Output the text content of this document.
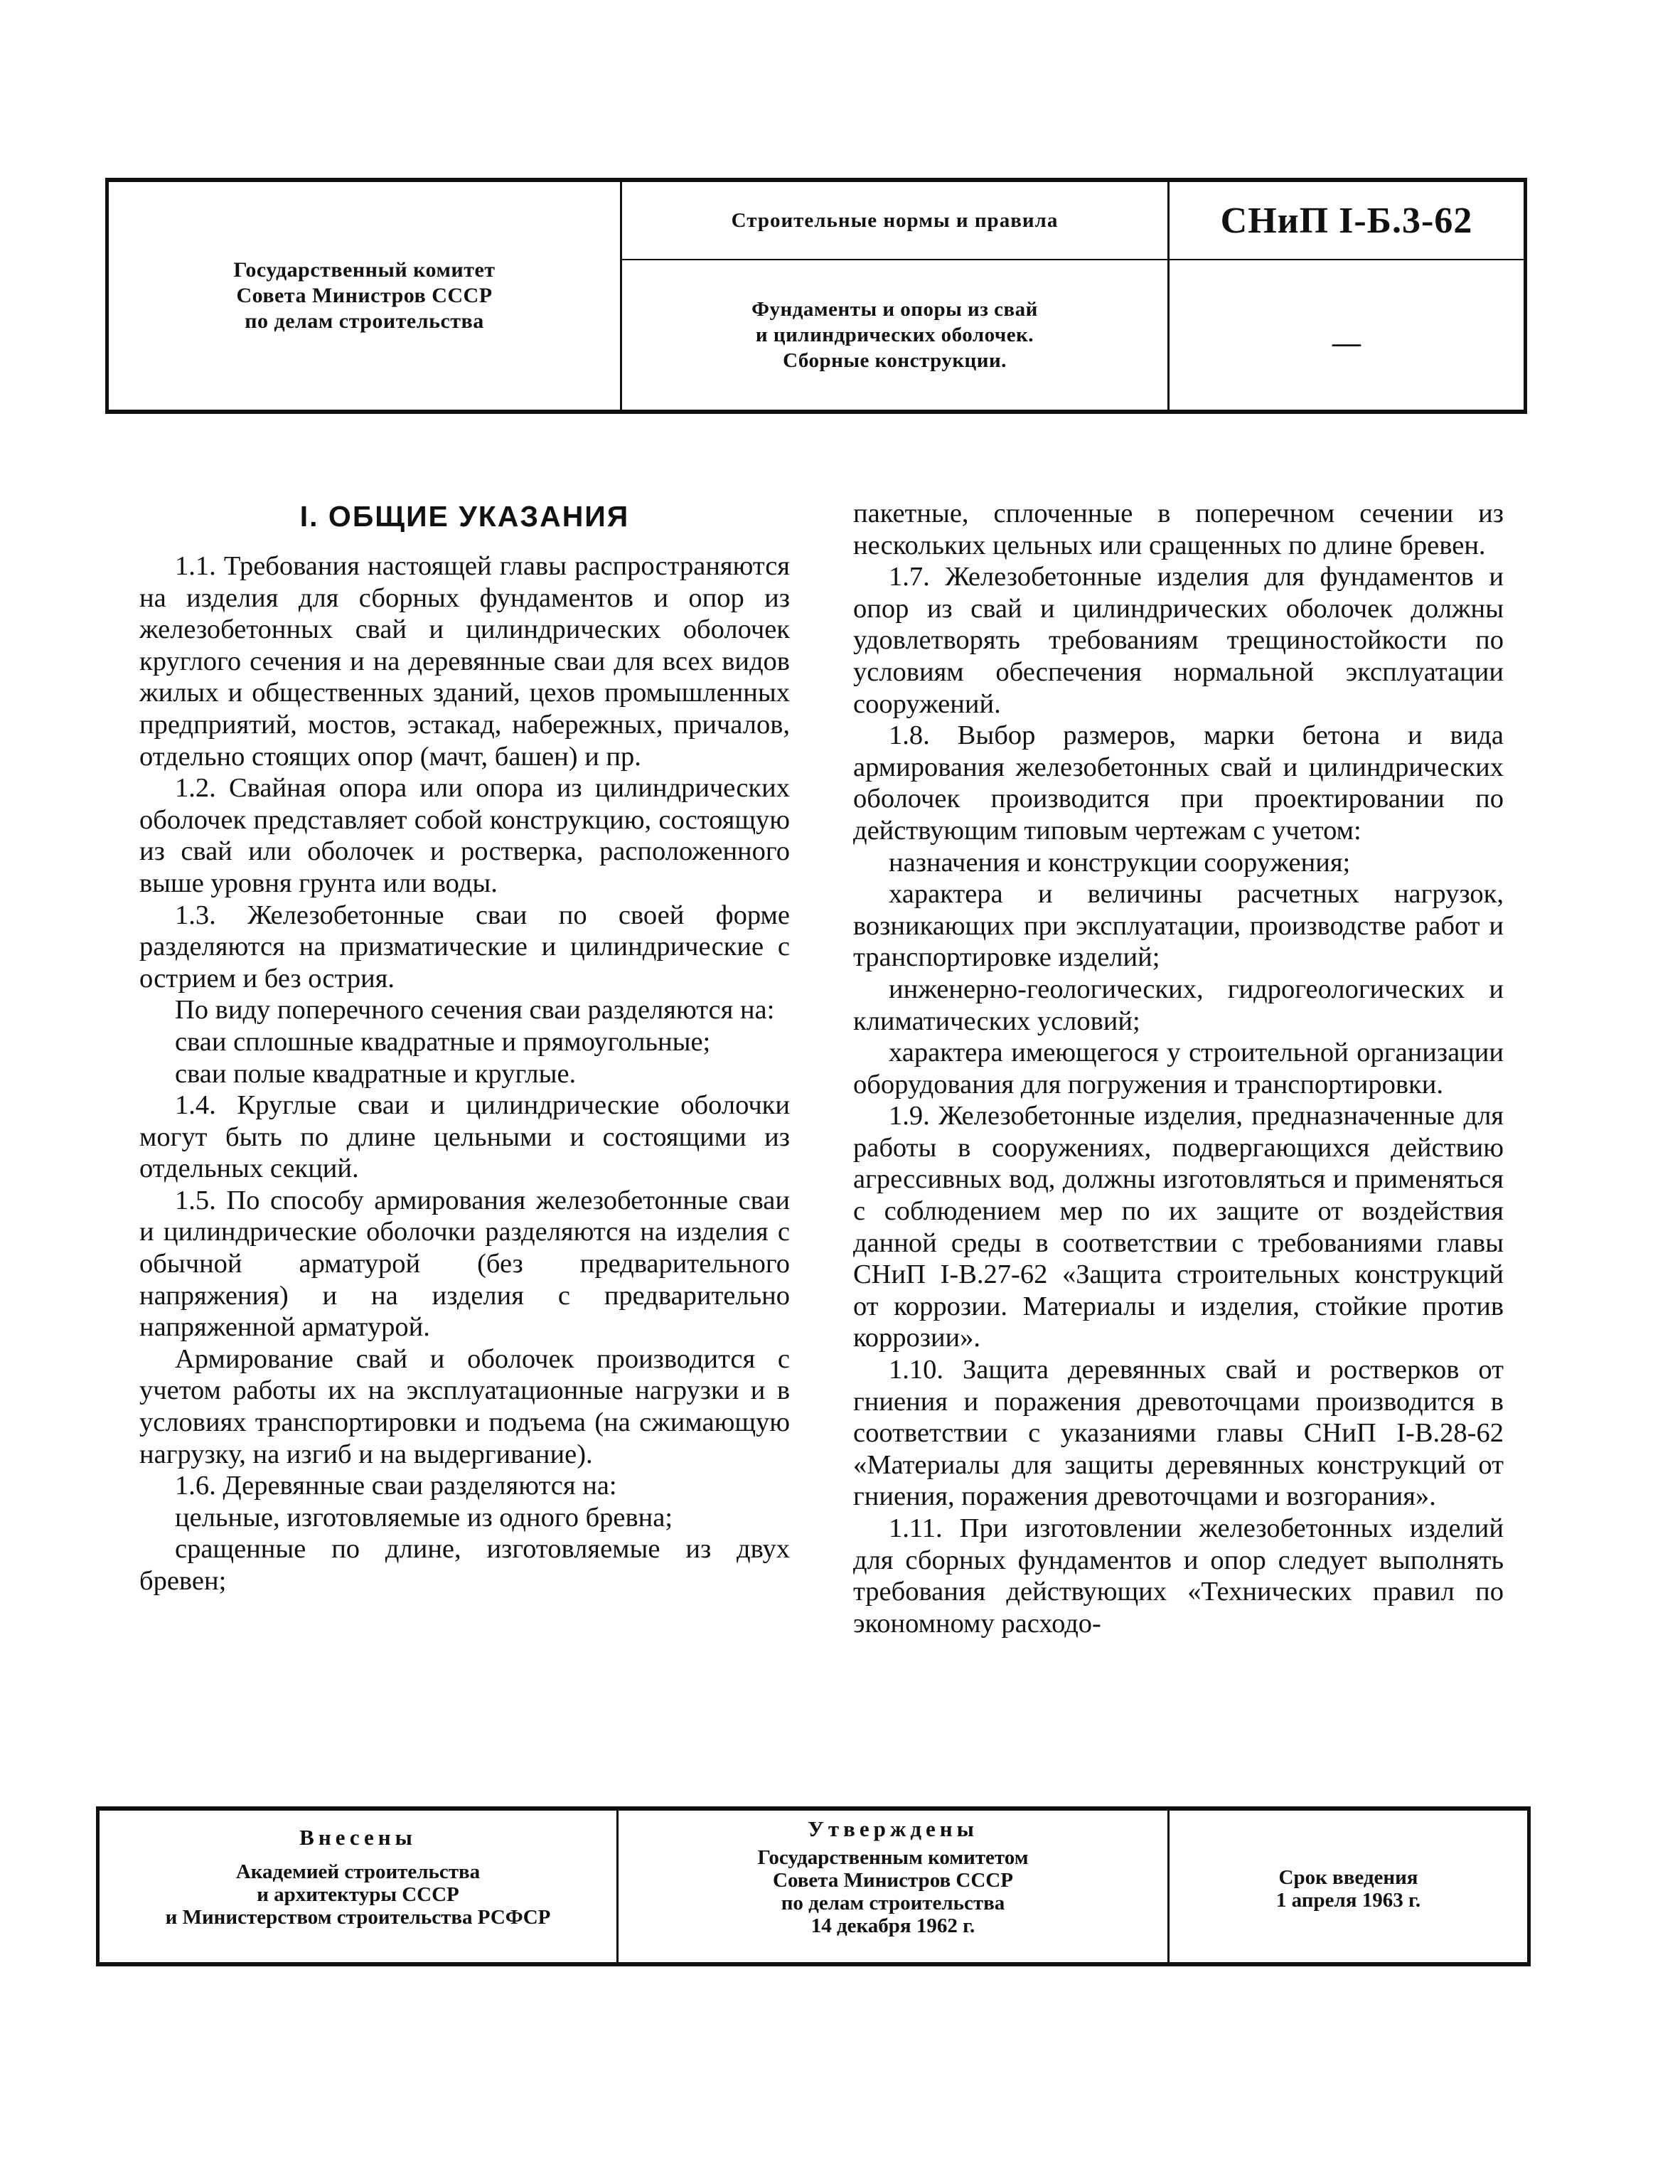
Государственный комитет
Совета Министров СССР
по делам строительства
Строительные нормы и правила
Фундаменты и опоры из свай
и цилиндрических оболочек.
Сборные конструкции.
СНиП I-Б.3-62
—
I. ОБЩИЕ УКАЗАНИЯ

1.1. Требования настоящей главы распространяются на изделия для сборных фундаментов и опор из железобетонных свай и цилиндрических оболочек круглого сечения и на деревянные сваи для всех видов жилых и общественных зданий, цехов промышленных предприятий, мостов, эстакад, набережных, причалов, отдельно стоящих опор (мачт, башен) и пр.

1.2. Свайная опора или опора из цилиндрических оболочек представляет собой конструкцию, состоящую из свай или оболочек и ростверка, расположенного выше уровня грунта или воды.

1.3. Железобетонные сваи по своей форме разделяются на призматические и цилиндрические с острием и без острия.

По виду поперечного сечения сваи разделяются на:

сваи сплошные квадратные и прямоугольные;

сваи полые квадратные и круглые.

1.4. Круглые сваи и цилиндрические оболочки могут быть по длине цельными и состоящими из отдельных секций.

1.5. По способу армирования железобетонные сваи и цилиндрические оболочки разделяются на изделия с обычной арматурой (без предварительного напряжения) и на изделия с предварительно напряженной арматурой.

Армирование свай и оболочек производится с учетом работы их на эксплуатационные нагрузки и в условиях транспортировки и подъема (на сжимающую нагрузку, на изгиб и на выдергивание).

1.6. Деревянные сваи разделяются на:

цельные, изготовляемые из одного бревна;

сращенные по длине, изготовляемые из двух бревен;

пакетные, сплоченные в поперечном сечении из нескольких цельных или сращенных по длине бревен.

1.7. Железобетонные изделия для фундаментов и опор из свай и цилиндрических оболочек должны удовлетворять требованиям трещиностойкости по условиям обеспечения нормальной эксплуатации сооружений.

1.8. Выбор размеров, марки бетона и вида армирования железобетонных свай и цилиндрических оболочек производится при проектировании по действующим типовым чертежам с учетом:

назначения и конструкции сооружения;

характера и величины расчетных нагрузок, возникающих при эксплуатации, производстве работ и транспортировке изделий;

инженерно-геологических, гидрогеологических и климатических условий;

характера имеющегося у строительной организации оборудования для погружения и транспортировки.

1.9. Железобетонные изделия, предназначенные для работы в сооружениях, подвергающихся действию агрессивных вод, должны изготовляться и применяться с соблюдением мер по их защите от воздействия данной среды в соответствии с требованиями главы СНиП I-В.27-62 «Защита строительных конструкций от коррозии. Материалы и изделия, стойкие против коррозии».

1.10. Защита деревянных свай и ростверков от гниения и поражения древоточцами производится в соответствии с указаниями главы СНиП I-В.28-62 «Материалы для защиты деревянных конструкций от гниения, поражения древоточцами и возгорания».

1.11. При изготовлении железобетонных изделий для сборных фундаментов и опор следует выполнять требования действующих «Технических правил по экономному расходо-

Внесены
Академией строительства
и архитектуры СССР
и Министерством строительства РСФСР
Утверждены
Государственным комитетом
Совета Министров СССР
по делам строительства
14 декабря 1962 г.
Срок введения
1 апреля 1963 г.
